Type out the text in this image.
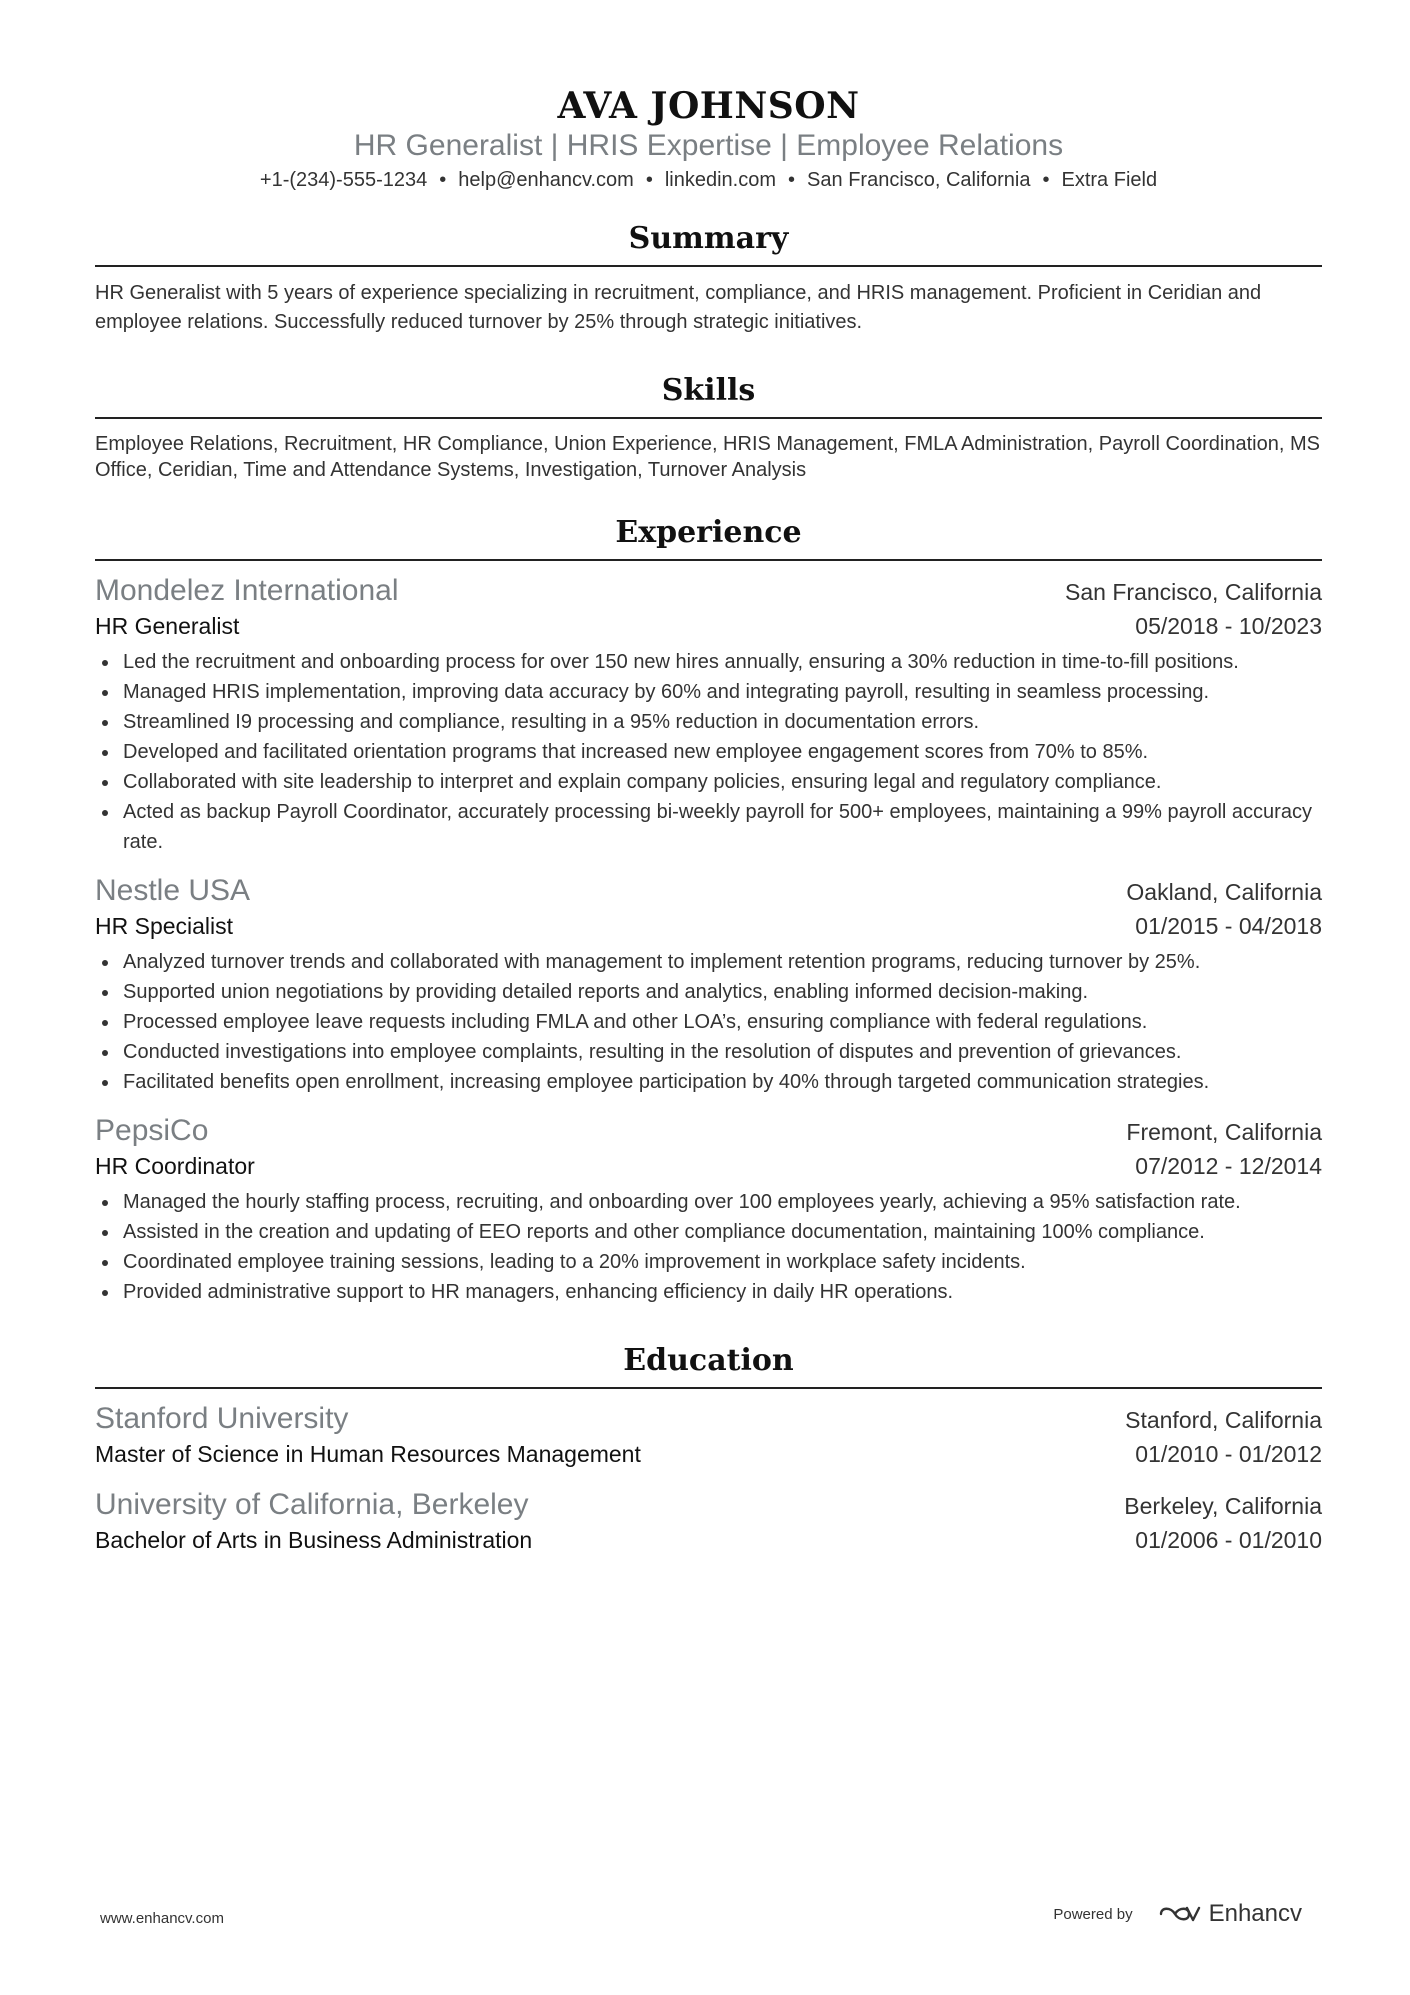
AVA JOHNSON
HR Generalist | HRIS Expertise | Employee Relations
+1-(234)-555-1234 • help@enhancv.com • linkedin.com • San Francisco, California • Extra Field
Summary
HR Generalist with 5 years of experience specializing in recruitment, compliance, and HRIS management. Proficient in Ceridian and employee relations. Successfully reduced turnover by 25% through strategic initiatives.
Skills
Employee Relations, Recruitment, HR Compliance, Union Experience, HRIS Management, FMLA Administration, Payroll Coordination, MS Office, Ceridian, Time and Attendance Systems, Investigation, Turnover Analysis
Experience
Mondelez International	San Francisco, California
HR Generalist	05/2018 - 10/2023
Led the recruitment and onboarding process for over 150 new hires annually, ensuring a 30% reduction in time-to-fill positions.
Managed HRIS implementation, improving data accuracy by 60% and integrating payroll, resulting in seamless processing.
Streamlined I9 processing and compliance, resulting in a 95% reduction in documentation errors.
Developed and facilitated orientation programs that increased new employee engagement scores from 70% to 85%.
Collaborated with site leadership to interpret and explain company policies, ensuring legal and regulatory compliance.
Acted as backup Payroll Coordinator, accurately processing bi-weekly payroll for 500+ employees, maintaining a 99% payroll accuracy rate.
Nestle USA	Oakland, California
HR Specialist	01/2015 - 04/2018
Analyzed turnover trends and collaborated with management to implement retention programs, reducing turnover by 25%.
Supported union negotiations by providing detailed reports and analytics, enabling informed decision-making.
Processed employee leave requests including FMLA and other LOA’s, ensuring compliance with federal regulations.
Conducted investigations into employee complaints, resulting in the resolution of disputes and prevention of grievances.
Facilitated benefits open enrollment, increasing employee participation by 40% through targeted communication strategies.
PepsiCo	Fremont, California
HR Coordinator	07/2012 - 12/2014
Managed the hourly staffing process, recruiting, and onboarding over 100 employees yearly, achieving a 95% satisfaction rate.
Assisted in the creation and updating of EEO reports and other compliance documentation, maintaining 100% compliance.
Coordinated employee training sessions, leading to a 20% improvement in workplace safety incidents.
Provided administrative support to HR managers, enhancing efficiency in daily HR operations.
Education
Stanford University	Stanford, California
Master of Science in Human Resources Management	01/2010 - 01/2012
University of California, Berkeley	Berkeley, California
Bachelor of Arts in Business Administration	01/2006 - 01/2010
www.enhancv.com	Powered by	Enhancv
